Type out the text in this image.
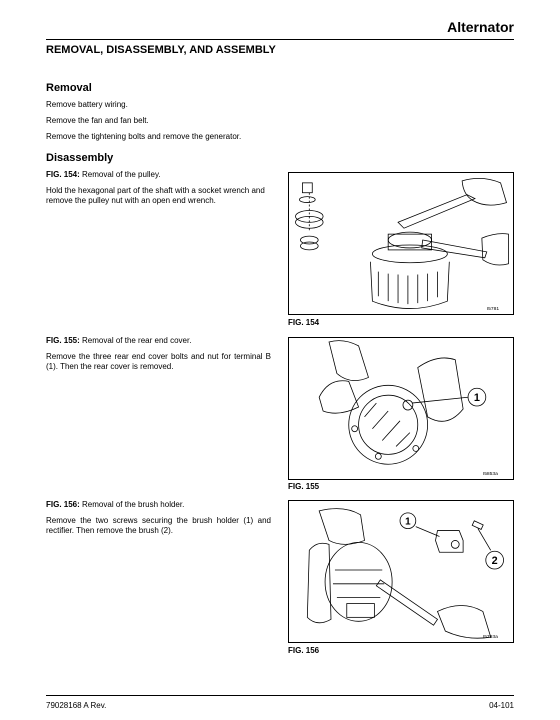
Alternator
REMOVAL, DISASSEMBLY, AND ASSEMBLY
Removal
Remove battery wiring.
Remove the fan and fan belt.
Remove the tightening bolts and remove the generator.
Disassembly
FIG. 154: Removal of the pulley.
Hold the hexagonal part of the shaft with a socket wrench and remove the pulley nut with an open end wrench.
I5781
FIG. 154
FIG. 155: Removal of the rear end cover.
Remove the three rear end cover bolts and nut for terminal B (1). Then the rear cover is removed.
1
I5853a
FIG. 155
FIG. 156: Removal of the brush holder.
Remove the two screws securing the brush holder (1) and rectifier. Then remove the brush (2).
1
2
I5793a
FIG. 156
79028168 A Rev.	04-101
